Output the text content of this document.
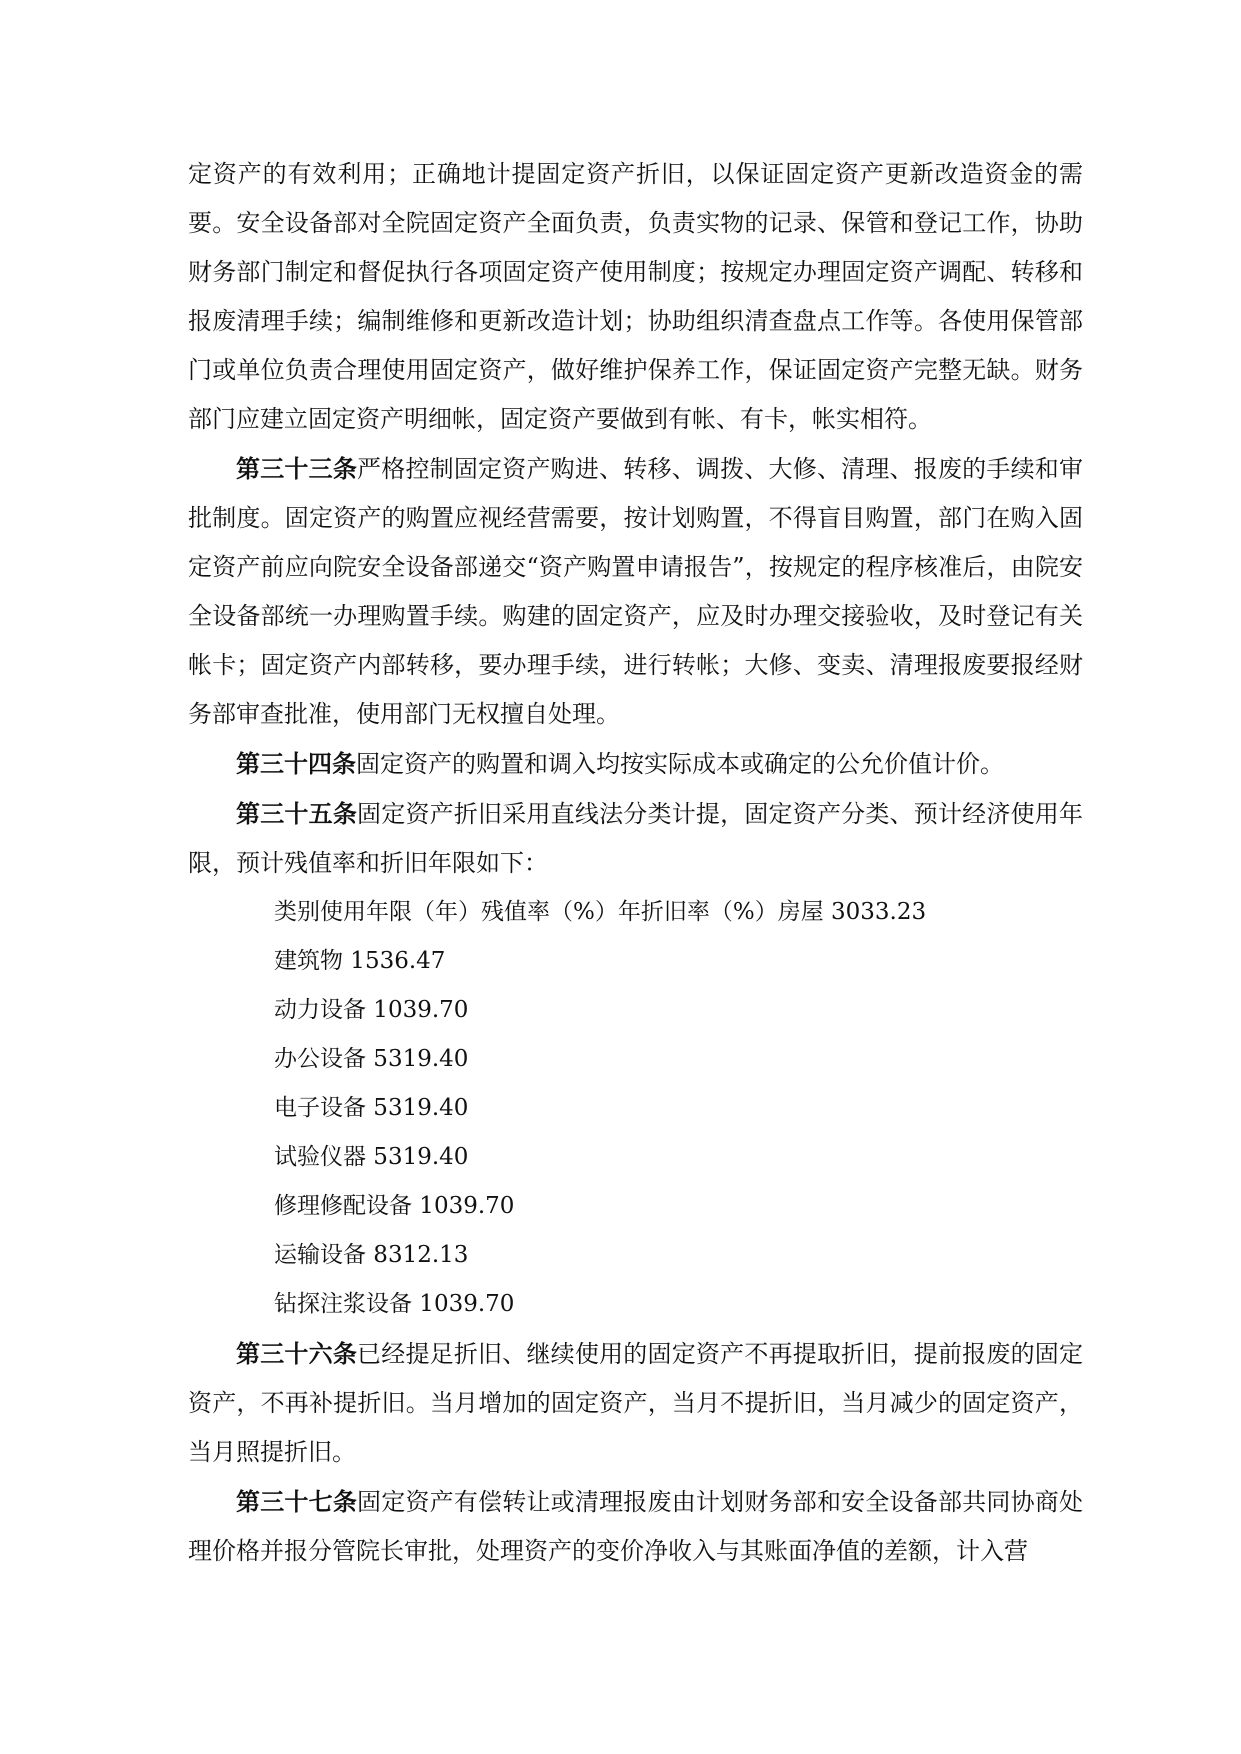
定资产的有效利用；正确地计提固定资产折旧，以保证固定资产更新改造资金的需要。安全设备部对全院固定资产全面负责，负责实物的记录、保管和登记工作，协助财务部门制定和督促执行各项固定资产使用制度；按规定办理固定资产调配、转移和报废清理手续；编制维修和更新改造计划；协助组织清查盘点工作等。各使用保管部门或单位负责合理使用固定资产，做好维护保养工作，保证固定资产完整无缺。财务部门应建立固定资产明细帐，固定资产要做到有帐、有卡，帐实相符。

第三十三条严格控制固定资产购进、转移、调拨、大修、清理、报废的手续和审批制度。固定资产的购置应视经营需要，按计划购置，不得盲目购置，部门在购入固定资产前应向院安全设备部递交“资产购置申请报告”，按规定的程序核准后，由院安全设备部统一办理购置手续。购建的固定资产，应及时办理交接验收，及时登记有关帐卡；固定资产内部转移，要办理手续，进行转帐；大修、变卖、清理报废要报经财务部审查批准，使用部门无权擅自处理。

第三十四条固定资产的购置和调入均按实际成本或确定的公允价值计价。

第三十五条固定资产折旧采用直线法分类计提，固定资产分类、预计经济使用年限，预计残值率和折旧年限如下：

类别使用年限（年）残值率（%）年折旧率（%）房屋 3033.23

建筑物 1536.47

动力设备 1039.70

办公设备 5319.40

电子设备 5319.40

试验仪器 5319.40

修理修配设备 1039.70

运输设备 8312.13

钻探注浆设备 1039.70

第三十六条已经提足折旧、继续使用的固定资产不再提取折旧，提前报废的固定资产，不再补提折旧。当月增加的固定资产，当月不提折旧，当月减少的固定资产，当月照提折旧。

第三十七条固定资产有偿转让或清理报废由计划财务部和安全设备部共同协商处理价格并报分管院长审批，处理资产的变价净收入与其账面净值的差额，计入营
